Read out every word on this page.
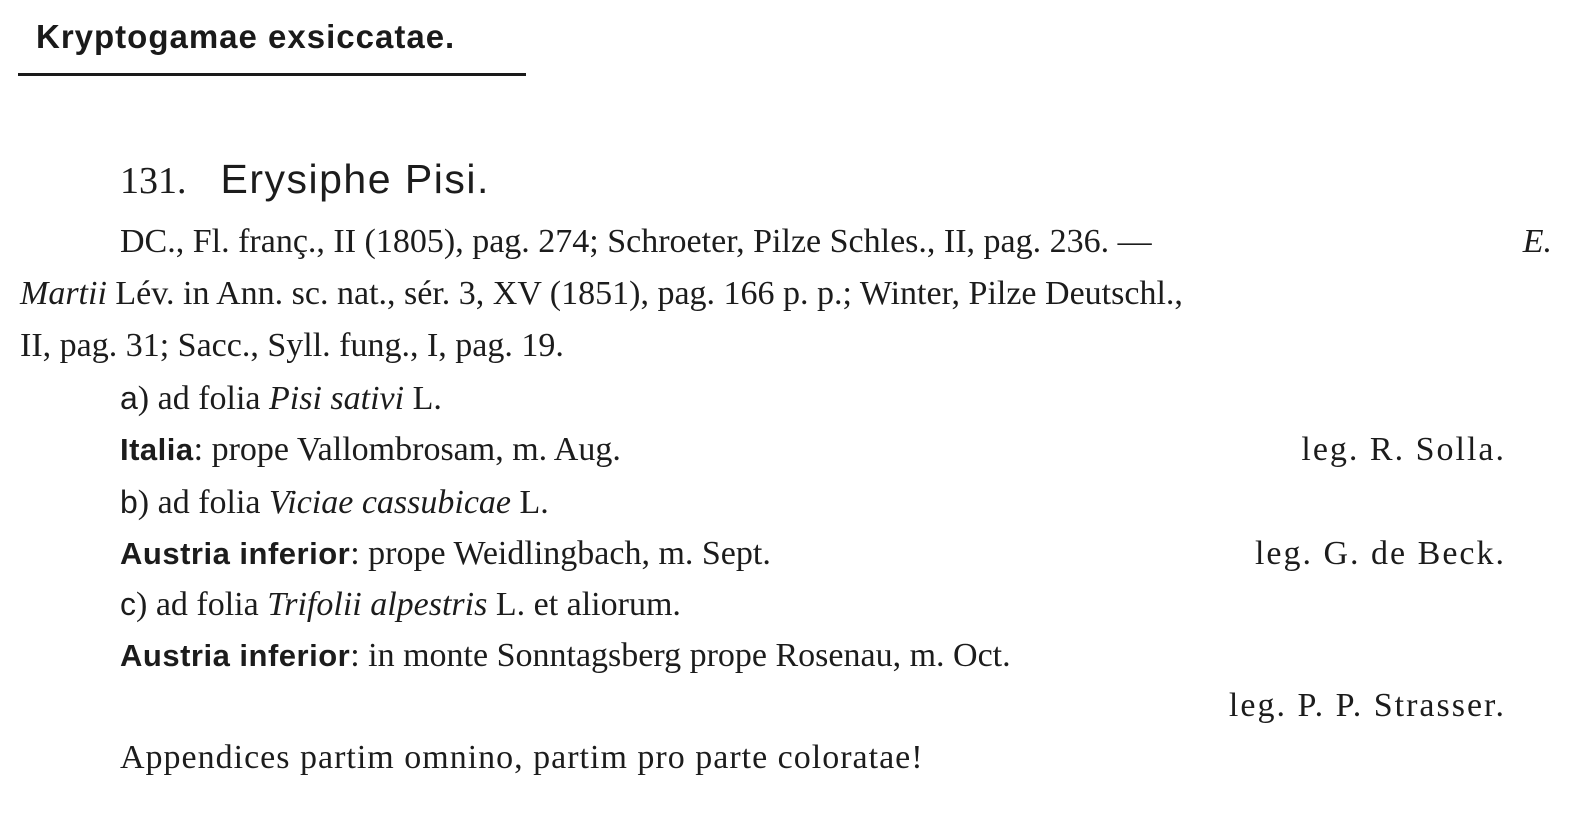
Kryptogamae exsiccatae.
131. Erysiphe Pisi.
DC., Fl. franç., II (1805), pag. 274; Schroeter, Pilze Schles., II, pag. 236. —	E.
Martii Lév. in Ann. sc. nat., sér. 3, XV (1851), pag. 166 p. p.; Winter, Pilze Deutschl.,
II, pag. 31; Sacc., Syll. fung., I, pag. 19.
a) ad folia Pisi sativi L.
Italia: prope Vallombrosam, m. Aug.	leg. R. Solla.
b) ad folia Viciae cassubicae L.
Austria inferior: prope Weidlingbach, m. Sept.	leg. G. de Beck.
c) ad folia Trifolii alpestris L. et aliorum.
Austria inferior: in monte Sonntagsberg prope Rosenau, m. Oct.
leg. P. P. Strasser.
Appendices partim omnino, partim pro parte coloratae!
